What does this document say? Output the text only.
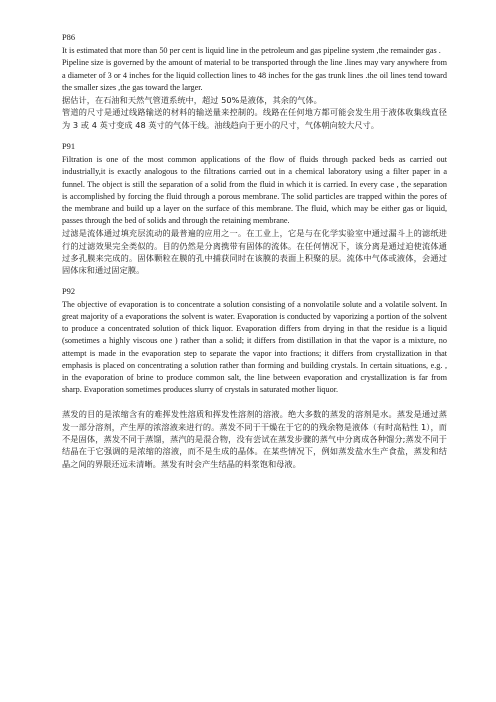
P86

It is estimated that more than 50 per cent is liquid line in the petroleum and gas pipeline system ,the remainder gas .

Pipeline size is governed by the amount of material to be transported through the line .lines may vary anywhere from a diameter of 3 or 4 inches for the liquid collection lines to 48 inches for the gas trunk lines .the oil lines tend toward the smaller sizes ,the gas toward the larger.

据估计，在石油和天然气管道系统中，超过 50%是液体，其余的气体。

管道的尺寸是通过线路输送的材料的输送量来控制的。线路在任何地方都可能会发生用于液体收集线直径为 3 或 4 英寸变成 48 英寸的气体干线。油线趋向于更小的尺寸，气体朝向较大尺寸。

P91

Filtration is one of the most common applications of the flow of fluids through packed beds as carried out industrially,it is exactly analogous to the filtrations carried out in a chemical laboratory using a filter paper in a funnel. The object is still the separation of a solid from the fluid in which it is carried. In every case , the separation is accomplished by forcing the fluid through a porous membrane. The solid particles are trapped within the pores of the membrane and build up a layer on the surface of this membrane. The fluid, which may be either gas or liquid, passes through the bed of solids and through the retaining membrane.

过滤是流体通过填充层流动的最普遍的应用之一。在工业上，它是与在化学实验室中通过漏斗上的滤纸进行的过滤效果完全类似的。目的仍然是分离携带有固体的流体。在任何情况下，该分离是通过迫使流体通过多孔膜来完成的。固体颗粒在膜的孔中捕获同时在该膜的表面上积聚的层。流体中气体或液体，会通过固体床和通过固定膜。

P92

The objective of evaporation is to concentrate a solution consisting of a nonvolatile solute and a volatile solvent. In great majority of a evaporations the solvent is water. Evaporation is conducted by vaporizing a portion of the solvent to produce a concentrated solution of thick liquor. Evaporation differs from drying in that the residue is a liquid (sometimes a highly viscous one ) rather than a solid; it differs from distillation in that the vapor is a mixture, no attempt is made in the evaporation step to separate the vapor into fractions; it differs from crystallization in that emphasis is placed on concentrating a solution rather than forming and building crystals. In certain situations, e.g. , in the evaporation of brine to produce common salt, the line between evaporation and crystallization is far from sharp. Evaporation sometimes produces slurry of crystals in saturated mother liquor.

蒸发的目的是浓缩含有的难挥发性溶质和挥发性溶剂的溶液。绝大多数的蒸发的溶剂是水。蒸发是通过蒸发一部分溶剂，产生厚的浓溶液来进行的。蒸发不同于干燥在于它的的残余物是液体（有时高粘性 1），而不是固体，蒸发不同于蒸馏，蒸汽的是混合物，没有尝试在蒸发步骤的蒸气中分离成各种馏分;蒸发不同于结晶在于它强调的是浓缩的溶液，而不是生成的晶体。在某些情况下，例如蒸发盐水生产食盐，蒸发和结晶之间的界限还远未清晰。蒸发有时会产生结晶的料浆饱和母液。
